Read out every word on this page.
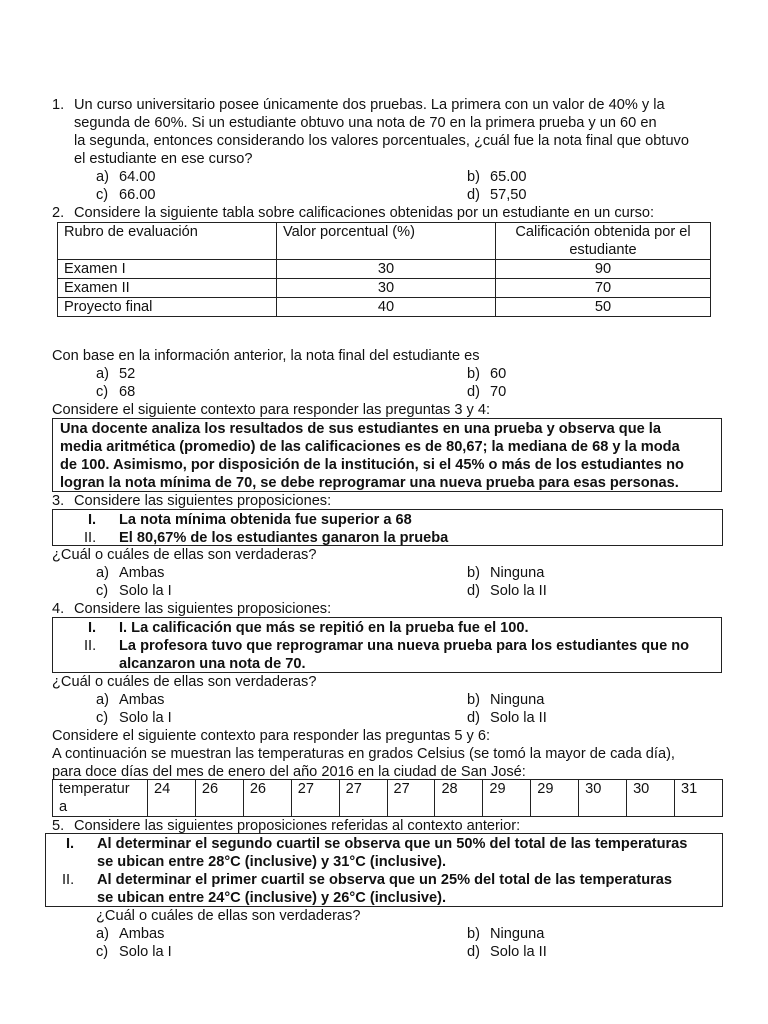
1. Un curso universitario posee únicamente dos pruebas. La primera con un valor de 40% y la
segunda de 60%. Si un estudiante obtuvo una nota de 70 en la primera prueba y un 60 en
la segunda, entonces considerando los valores porcentuales, ¿cuál fue la nota final que obtuvo
el estudiante en ese curso?
a) 64.00	b) 65.00
c) 66.00	d) 57,50
2. Considere la siguiente tabla sobre calificaciones obtenidas por un estudiante en un curso:
Rubro de evaluación	Valor porcentual (%)	Calificación obtenida por el
estudiante
Examen I	30	90
Examen II	30	70
Proyecto final	40	50
Con base en la información anterior, la nota final del estudiante es
a) 52	b) 60
c) 68	d) 70
Considere el siguiente contexto para responder las preguntas 3 y 4:
Una docente analiza los resultados de sus estudiantes en una prueba y observa que la
media aritmética (promedio) de las calificaciones es de 80,67; la mediana de 68 y la moda
de 100. Asimismo, por disposición de la institución, si el 45% o más de los estudiantes no
logran la nota mínima de 70, se debe reprogramar una nueva prueba para esas personas.
3. Considere las siguientes proposiciones:
I. La nota mínima obtenida fue superior a 68
II. El 80,67% de los estudiantes ganaron la prueba
¿Cuál o cuáles de ellas son verdaderas?
a) Ambas	b) Ninguna
c) Solo la I	d) Solo la II
4. Considere las siguientes proposiciones:
I. I. La calificación que más se repitió en la prueba fue el 100.
II. La profesora tuvo que reprogramar una nueva prueba para los estudiantes que no
alcanzaron una nota de 70.
¿Cuál o cuáles de ellas son verdaderas?
a) Ambas	b) Ninguna
c) Solo la I	d) Solo la II
Considere el siguiente contexto para responder las preguntas 5 y 6:
A continuación se muestran las temperaturas en grados Celsius (se tomó la mayor de cada día),
para doce días del mes de enero del año 2016 en la ciudad de San José:
temperatur
a	24	26	26	27	27	27	28	29	29	30	30	31
5. Considere las siguientes proposiciones referidas al contexto anterior:
I. Al determinar el segundo cuartil se observa que un 50% del total de las temperaturas
se ubican entre 28°C (inclusive) y 31°C (inclusive).
II. Al determinar el primer cuartil se observa que un 25% del total de las temperaturas
se ubican entre 24°C (inclusive) y 26°C (inclusive).
¿Cuál o cuáles de ellas son verdaderas?
a) Ambas	b) Ninguna
c) Solo la I	d) Solo la II
